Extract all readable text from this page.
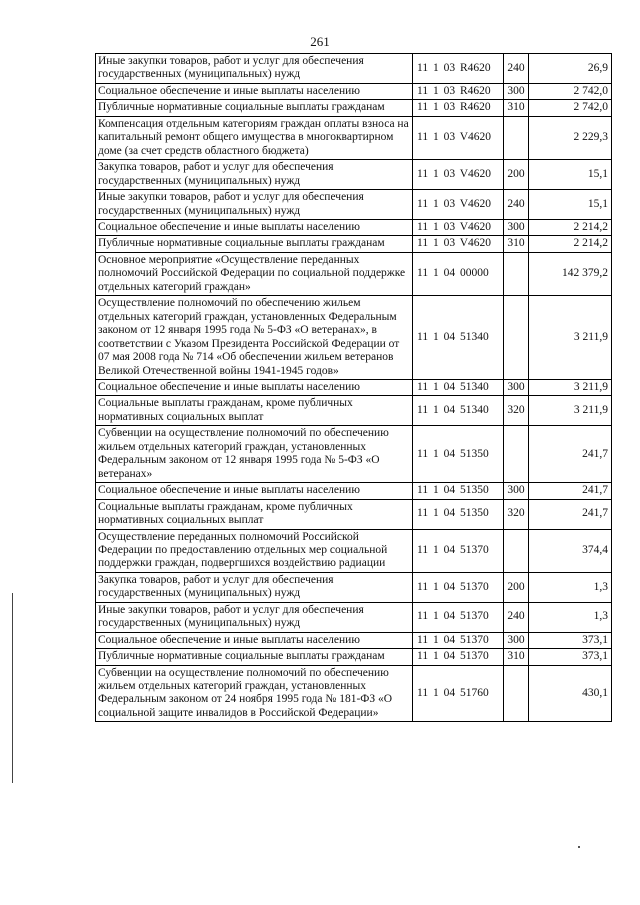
261
Иные закупки товаров, работ и услуг для обеспечения государственных (муниципальных) нужд	11 1 03 R4620	240	26,9
Социальное обеспечение и иные выплаты населению	11 1 03 R4620	300	2 742,0
Публичные нормативные социальные выплаты гражданам	11 1 03 R4620	310	2 742,0
Компенсация отдельным категориям граждан оплаты взноса на капитальный ремонт общего имущества в многоквартирном доме (за счет средств областного бюджета)	11 1 03 V4620		2 229,3
Закупка товаров, работ и услуг для обеспечения государственных (муниципальных) нужд	11 1 03 V4620	200	15,1
Иные закупки товаров, работ и услуг для обеспечения государственных (муниципальных) нужд	11 1 03 V4620	240	15,1
Социальное обеспечение и иные выплаты населению	11 1 03 V4620	300	2 214,2
Публичные нормативные социальные выплаты гражданам	11 1 03 V4620	310	2 214,2
Основное мероприятие «Осуществление переданных полномочий Российской Федерации по социальной поддержке отдельных категорий граждан»	11 1 04 00000		142 379,2
Осуществление полномочий по обеспечению жильем отдельных категорий граждан, установленных Федеральным законом от 12 января 1995 года № 5-ФЗ «О ветеранах», в соответствии с Указом Президента Российской Федерации от 07 мая 2008 года № 714 «Об обеспечении жильем ветеранов Великой Отечественной войны 1941-1945 годов»	11 1 04 51340		3 211,9
Социальное обеспечение и иные выплаты населению	11 1 04 51340	300	3 211,9
Социальные выплаты гражданам, кроме публичных нормативных социальных выплат	11 1 04 51340	320	3 211,9
Субвенции на осуществление полномочий по обеспечению жильем отдельных категорий граждан, установленных Федеральным законом от 12 января 1995 года № 5-ФЗ «О ветеранах»	11 1 04 51350		241,7
Социальное обеспечение и иные выплаты населению	11 1 04 51350	300	241,7
Социальные выплаты гражданам, кроме публичных нормативных социальных выплат	11 1 04 51350	320	241,7
Осуществление переданных полномочий Российской Федерации по предоставлению отдельных мер социальной поддержки граждан, подвергшихся воздействию радиации	11 1 04 51370		374,4
Закупка товаров, работ и услуг для обеспечения государственных (муниципальных) нужд	11 1 04 51370	200	1,3
Иные закупки товаров, работ и услуг для обеспечения государственных (муниципальных) нужд	11 1 04 51370	240	1,3
Социальное обеспечение и иные выплаты населению	11 1 04 51370	300	373,1
Публичные нормативные социальные выплаты гражданам	11 1 04 51370	310	373,1
Субвенции на осуществление полномочий по обеспечению жильем отдельных категорий граждан, установленных Федеральным законом от 24 ноября 1995 года № 181-ФЗ «О социальной защите инвалидов в Российской Федерации»	11 1 04 51760		430,1
